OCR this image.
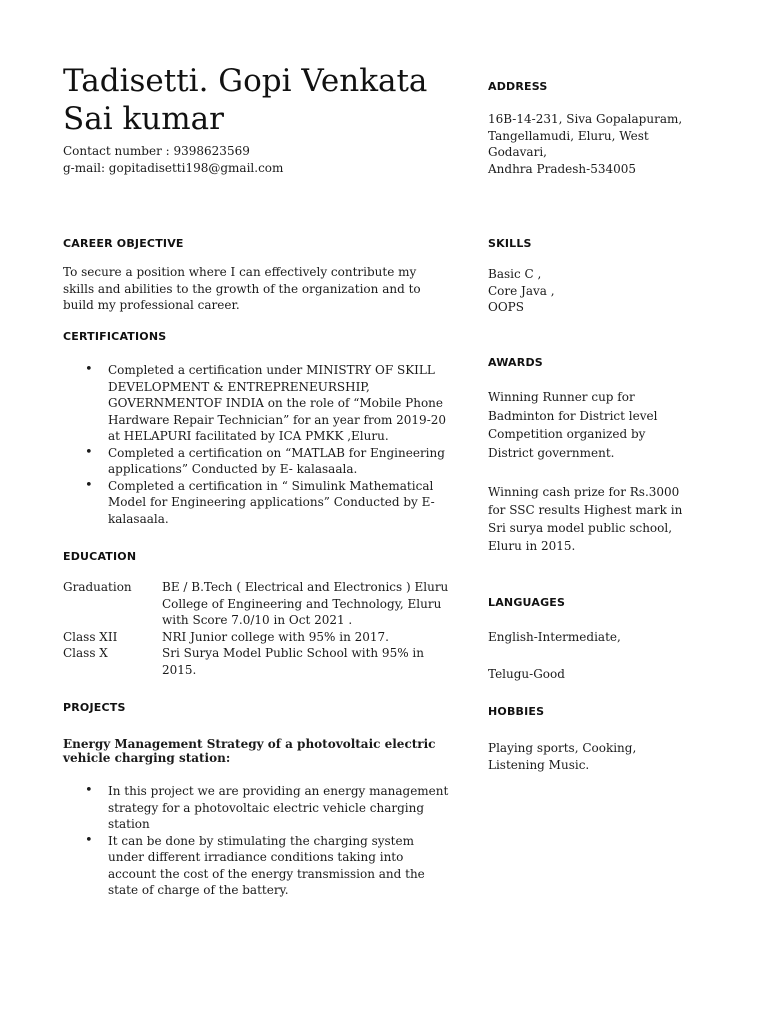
Tadisetti. Gopi Venkata Sai kumar
Contact number : 9398623569
g-mail: gopitadisetti198@gmail.com
CAREER OBJECTIVE
To secure a position where I can effectively contribute my skills and abilities to the growth of the organization and to build my professional career.
CERTIFICATIONS
• Completed a certification under MINISTRY OF SKILL DEVELOPMENT & ENTREPRENEURSHIP, GOVERNMENTOF INDIA on the role of “Mobile Phone Hardware Repair Technician” for an year from 2019-20 at HELAPURI facilitated by ICA PMKK ,Eluru.
• Completed a certification on “MATLAB for Engineering applications” Conducted by E- kalasaala.
• Completed a certification in “ Simulink Mathematical Model for Engineering applications” Conducted by E- kalasaala.
EDUCATION
Graduation	BE / B.Tech ( Electrical and Electronics ) Eluru College of Engineering and Technology, Eluru with Score 7.0/10 in Oct 2021 .
Class XII	NRI Junior college with 95% in 2017.
Class X	Sri Surya Model Public School with 95% in 2015.
PROJECTS
Energy Management Strategy of a photovoltaic electric vehicle charging station:
• In this project we are providing an energy management strategy for a photovoltaic electric vehicle charging station
• It can be done by stimulating the charging system under different irradiance conditions taking into account the cost of the energy transmission and the state of charge of the battery.
ADDRESS
16B-14-231, Siva Gopalapuram,
Tangellamudi, Eluru, West
Godavari,
Andhra Pradesh-534005
SKILLS
Basic C ,
Core Java ,
OOPS
AWARDS
Winning Runner cup for Badminton for District level Competition organized by District government.
Winning cash prize for Rs.3000 for SSC results Highest mark in Sri surya model public school, Eluru in 2015.
LANGUAGES
English-Intermediate,
Telugu-Good
HOBBIES
Playing sports, Cooking, Listening Music.
